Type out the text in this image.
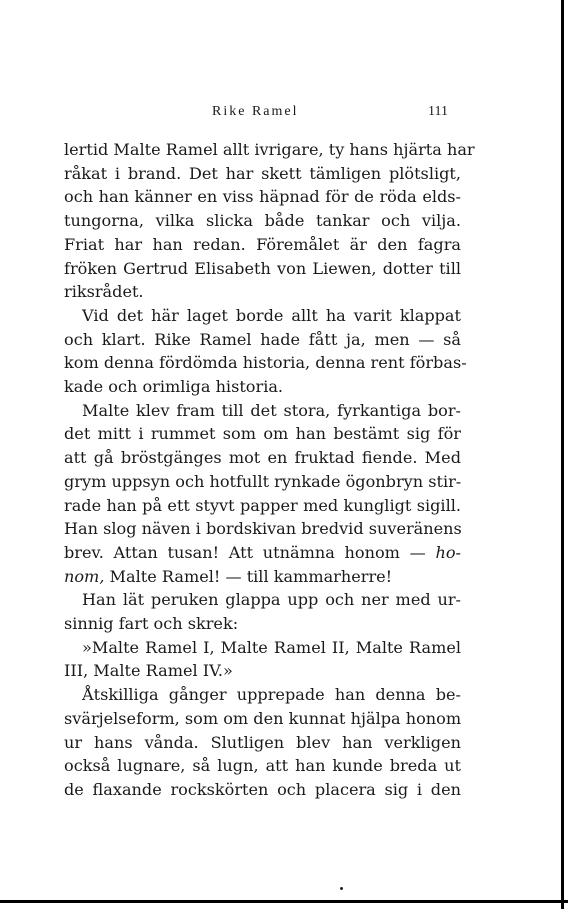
Rike Ramel	111
lertid Malte Ramel allt ivrigare, ty hans hjärta har
råkat i brand. Det har skett tämligen plötsligt,
och han känner en viss häpnad för de röda elds-
tungorna, vilka slicka både tankar och vilja.
Friat har han redan. Föremålet är den fagra
fröken Gertrud Elisabeth von Liewen, dotter till
riksrådet.
Vid det här laget borde allt ha varit klappat
och klart. Rike Ramel hade fått ja, men — så
kom denna fördömda historia, denna rent förbas-
kade och orimliga historia.
Malte klev fram till det stora, fyrkantiga bor-
det mitt i rummet som om han bestämt sig för
att gå bröstgänges mot en fruktad fiende. Med
grym uppsyn och hotfullt rynkade ögonbryn stir-
rade han på ett styvt papper med kungligt sigill.
Han slog näven i bordskivan bredvid suveränens
brev. Attan tusan! Att utnämna honom — ho-
nom, Malte Ramel! — till kammarherre!
Han lät peruken glappa upp och ner med ur-
sinnig fart och skrek:
»Malte Ramel I, Malte Ramel II, Malte Ramel
III, Malte Ramel IV.»
Åtskilliga gånger upprepade han denna be-
svärjelseform, som om den kunnat hjälpa honom
ur hans vånda. Slutligen blev han verkligen
också lugnare, så lugn, att han kunde breda ut
de flaxande rockskörten och placera sig i den
